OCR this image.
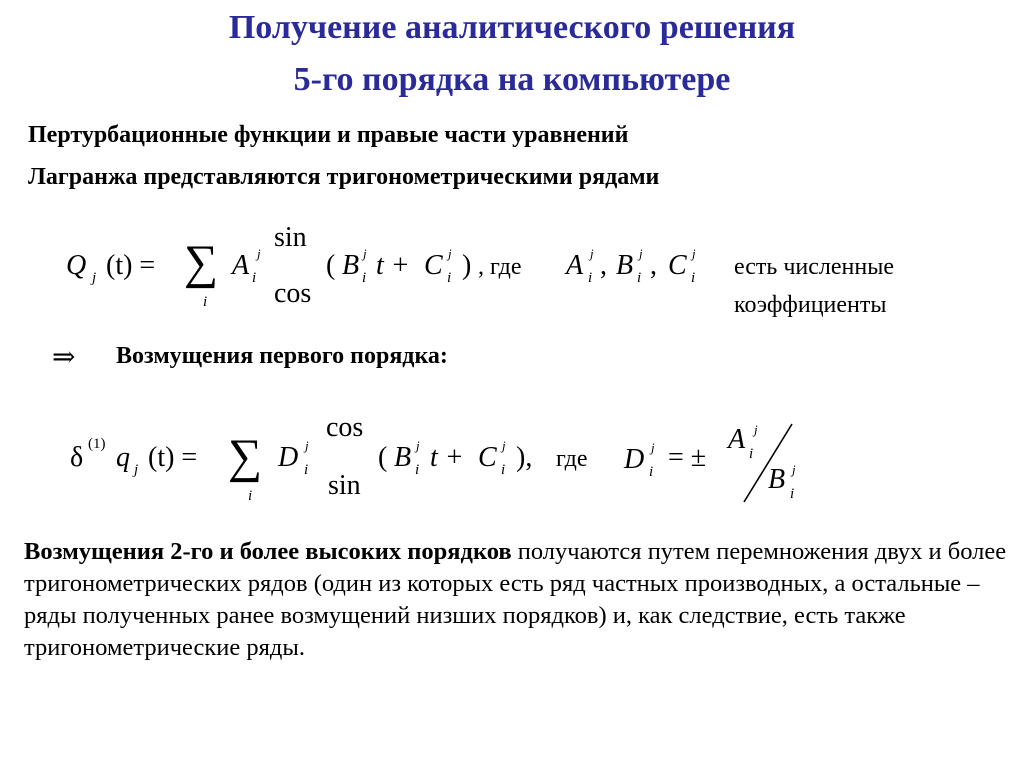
Получение аналитического решения
5-го порядка на компьютере
Пертурбационные функции и правые части уравнений
Лагранжа представляются тригонометрическими рядами
Q j (t) = ∑
i
A j
i
sin
cos
( B j
i t + C j
i ) , где A j
i , B j
i , C j
i есть численные
коэффициенты
⇒ Возмущения первого порядка:
δ (1) q j (t) = ∑
i
D j
i
cos
sin
( B j
i t + C j
i ), где D j
i = ±
A j
i
B j
i
Возмущения 2-го и более высоких порядков получаются путем перемножения двух и более тригонометрических рядов (один из которых есть ряд частных производных, а остальные – ряды полученных ранее возмущений низших порядков) и, как следствие, есть также тригонометрические ряды.
